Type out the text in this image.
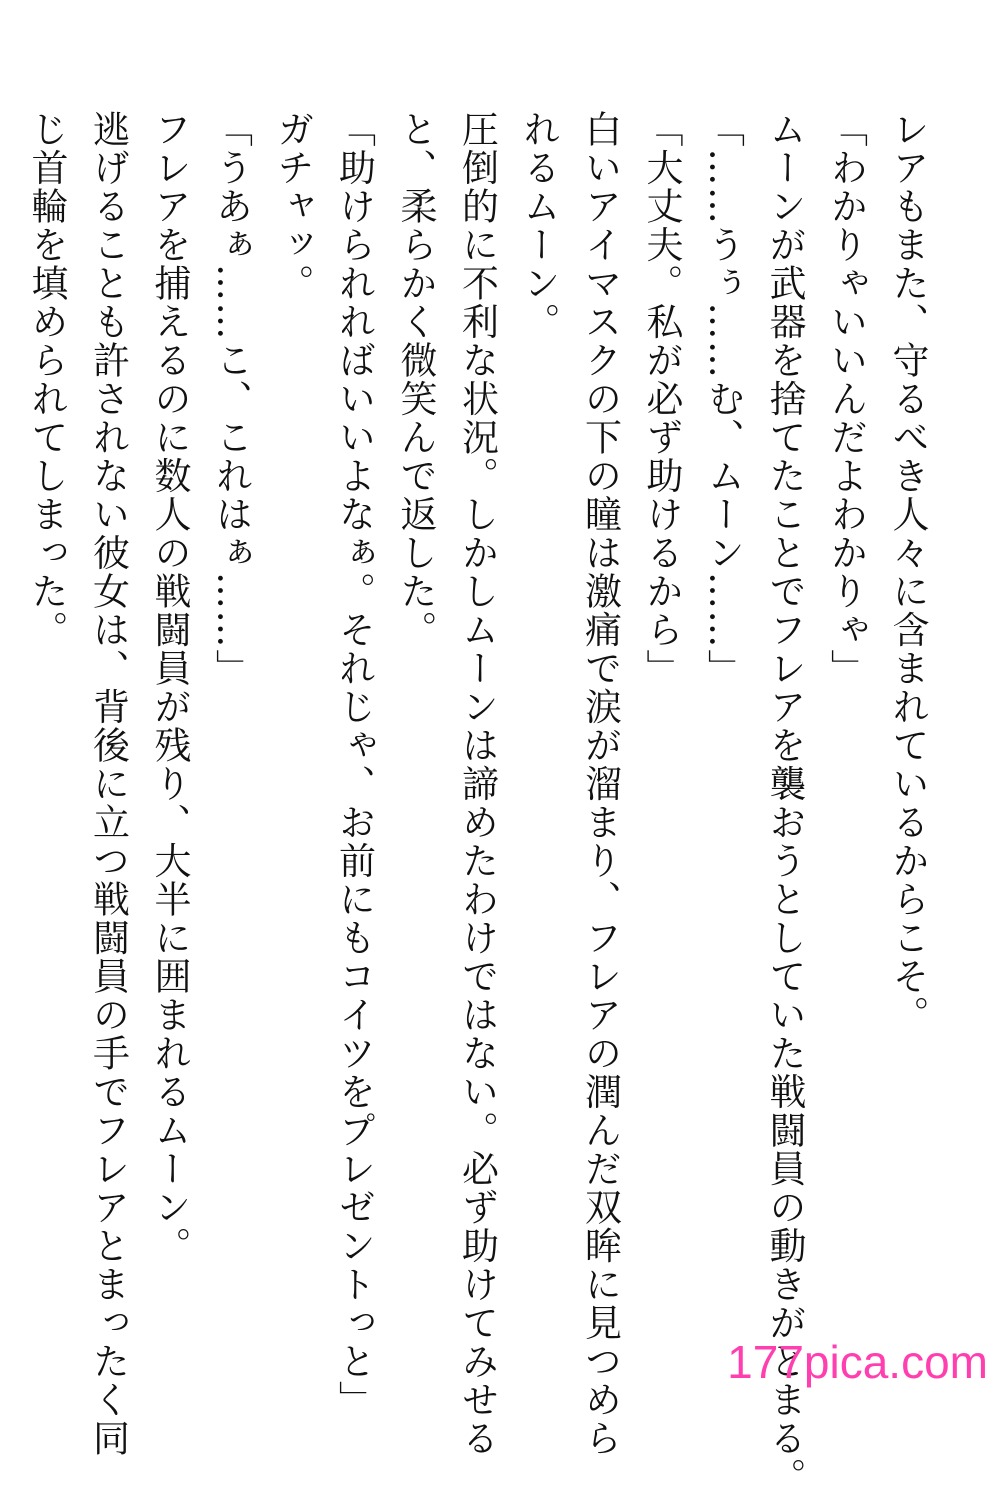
レアもまた、守るべき人々に含まれているからこそ。
「わかりゃいいんだよわかりゃ」
ムーンが武器を捨てたことでフレアを襲おうとしていた戦闘員の動きがとまる。
「……うぅ……む、ムーン……」
「大丈夫。私が必ず助けるから」
白いアイマスクの下の瞳は激痛で涙が溜まり、フレアの潤んだ双眸に見つめら
れるムーン。
圧倒的に不利な状況。しかしムーンは諦めたわけではない。必ず助けてみせる
と、柔らかく微笑んで返した。
「助けられればいいよなぁ。それじゃ、お前にもコイツをプレゼントっと」
ガチャッ。
「うあぁ……こ、これはぁ……」
フレアを捕えるのに数人の戦闘員が残り、大半に囲まれるムーン。
逃げることも許されない彼女は、背後に立つ戦闘員の手でフレアとまったく同
じ首輪を填められてしまった。
177pica.com
